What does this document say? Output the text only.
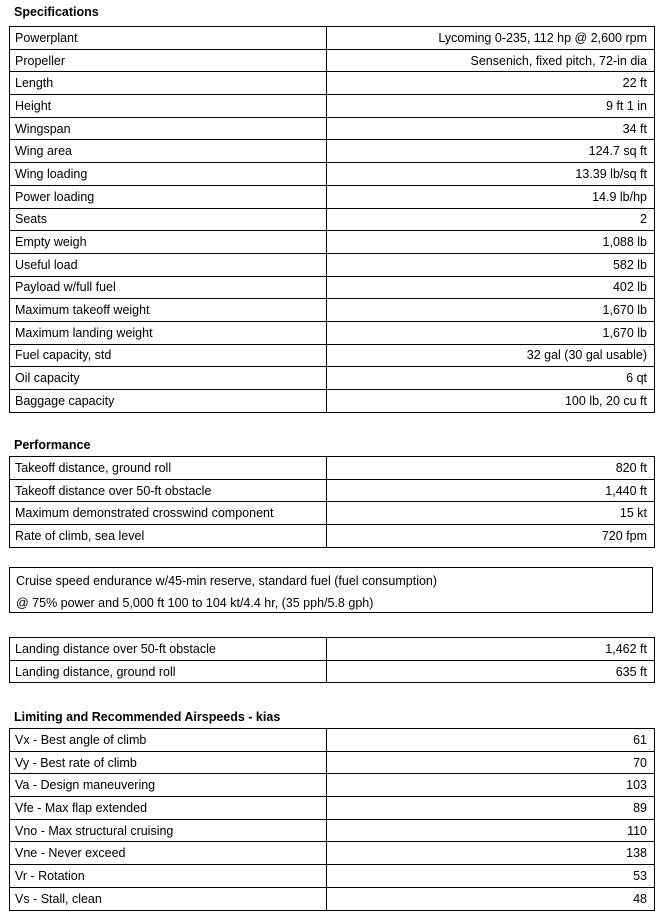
Specifications
Powerplant	Lycoming 0-235, 112 hp @ 2,600 rpm
Propeller	Sensenich, fixed pitch, 72-in dia
Length	22 ft
Height	9 ft 1 in
Wingspan	34 ft
Wing area	124.7 sq ft
Wing loading	13.39 lb/sq ft
Power loading	14.9 lb/hp
Seats	2
Empty weigh	1,088 lb
Useful load	582 lb
Payload w/full fuel	402 lb
Maximum takeoff weight	1,670 lb
Maximum landing weight	1,670 lb
Fuel capacity, std	32 gal (30 gal usable)
Oil capacity	6 qt
Baggage capacity	100 lb, 20 cu ft
Performance
Takeoff distance, ground roll	820 ft
Takeoff distance over 50-ft obstacle	1,440 ft
Maximum demonstrated crosswind component	15 kt
Rate of climb, sea level	720 fpm
Cruise speed endurance w/45-min reserve, standard fuel (fuel consumption)
@ 75% power and 5,000 ft 100 to 104 kt/4.4 hr, (35 pph/5.8 gph)
Landing distance over 50-ft obstacle	1,462 ft
Landing distance, ground roll	635 ft
Limiting and Recommended Airspeeds - kias
Vx - Best angle of climb	61
Vy - Best rate of climb	70
Va - Design maneuvering	103
Vfe - Max flap extended	89
Vno - Max structural cruising	110
Vne - Never exceed	138
Vr - Rotation	53
Vs - Stall, clean	48
